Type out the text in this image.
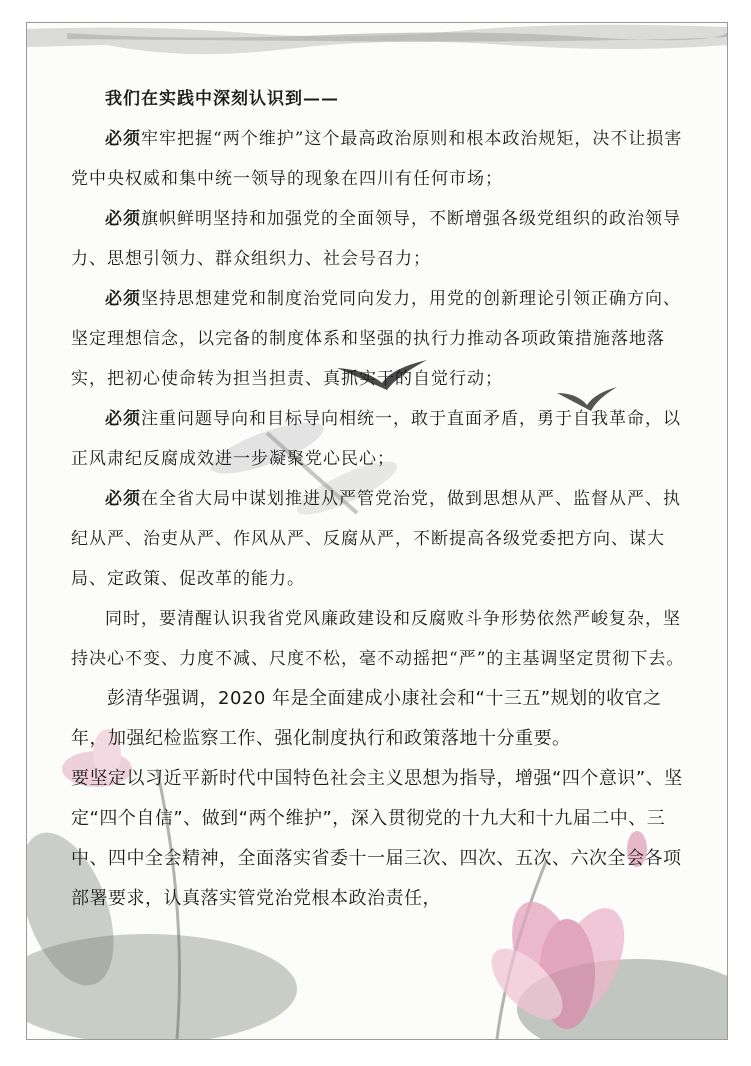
我们在实践中深刻认识到——

必须牢牢把握“两个维护”这个最高政治原则和根本政治规矩，决不让损害党中央权威和集中统一领导的现象在四川有任何市场；

必须旗帜鲜明坚持和加强党的全面领导，不断增强各级党组织的政治领导力、思想引领力、群众组织力、社会号召力；

必须坚持思想建党和制度治党同向发力，用党的创新理论引领正确方向、坚定理想信念，以完备的制度体系和坚强的执行力推动各项政策措施落地落实，把初心使命转为担当担责、真抓实干的自觉行动；

必须注重问题导向和目标导向相统一，敢于直面矛盾，勇于自我革命，以正风肃纪反腐成效进一步凝聚党心民心；

必须在全省大局中谋划推进从严管党治党，做到思想从严、监督从严、执纪从严、治吏从严、作风从严、反腐从严，不断提高各级党委把方向、谋大局、定政策、促改革的能力。

同时，要清醒认识我省党风廉政建设和反腐败斗争形势依然严峻复杂，坚持决心不变、力度不减、尺度不松，毫不动摇把“严”的主基调坚定贯彻下去。

彭清华强调，2020 年是全面建成小康社会和“十三五”规划的收官之年，加强纪检监察工作、强化制度执行和政策落地十分重要。

要坚定以习近平新时代中国特色社会主义思想为指导，增强“四个意识”、坚定“四个自信”、做到“两个维护”，深入贯彻党的十九大和十九届二中、三中、四中全会精神，全面落实省委十一届三次、四次、五次、六次全会各项部署要求，认真落实管党治党根本政治责任，
